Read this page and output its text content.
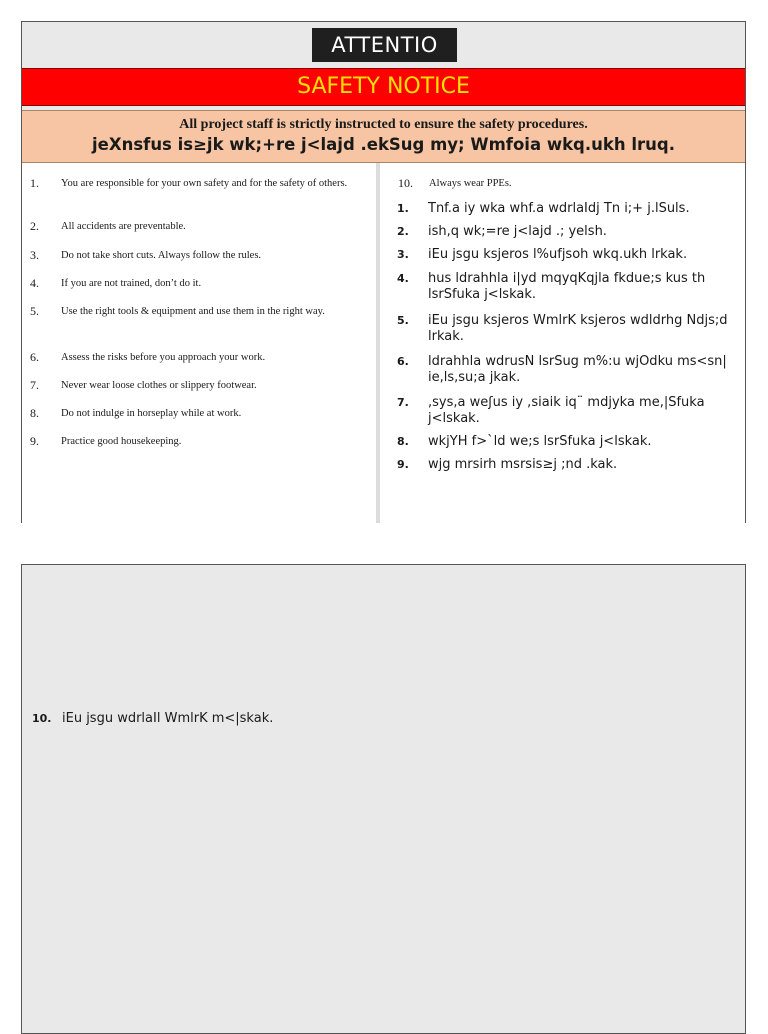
ATTENTIO
SAFETY NOTICE
All project staff is strictly instructed to ensure the safety procedures.
jeXnsfus is≥jk wk;+re j<lajd .ekSug my; Wmfoia wkq.ukh lruq.
1. You are responsible for your own safety and for the safety of others.
2. All accidents are preventable.
3. Do not take short cuts. Always follow the rules.
4. If you are not trained, don’t do it.
5. Use the right tools & equipment and use them in the right way.
6. Assess the risks before you approach your work.
7. Never wear loose clothes or slippery footwear.
8. Do not indulge in horseplay while at work.
9. Practice good housekeeping.
10. Always wear PPEs.
1. Tnf.a iy wka whf.a wdrlaIdj Tn i;+ j.lSuls.
2. ish,q wk;=re j<lajd .; yelsh.
3. iEu jsgu ksjeros l%ufjsoh wkq.ukh lrkak.
4. hus ldrahhla i|yd mqyqKqjla fkdue;s kus th lsrSfuka j<lskak.
5. iEu jsgu ksjeros WmlrK ksjeros wdldrhg Ndjs;d lrkak.
6. ldrahhla wdrusN lsrSug m%:u wjOdku ms<sn| ie,ls,su;a jkak.
7. ,sys,a weʃus iy ,siaik iq¨ mdjyka me,|Sfuka j<lskak.
8. wkjYH f>`ld we;s lsrSfuka j<lskak.
9. wjg mrsirh msrsis≥j ;nd .kak.
10. iEu jsgu wdrlaIl WmlrK m<|skak.
